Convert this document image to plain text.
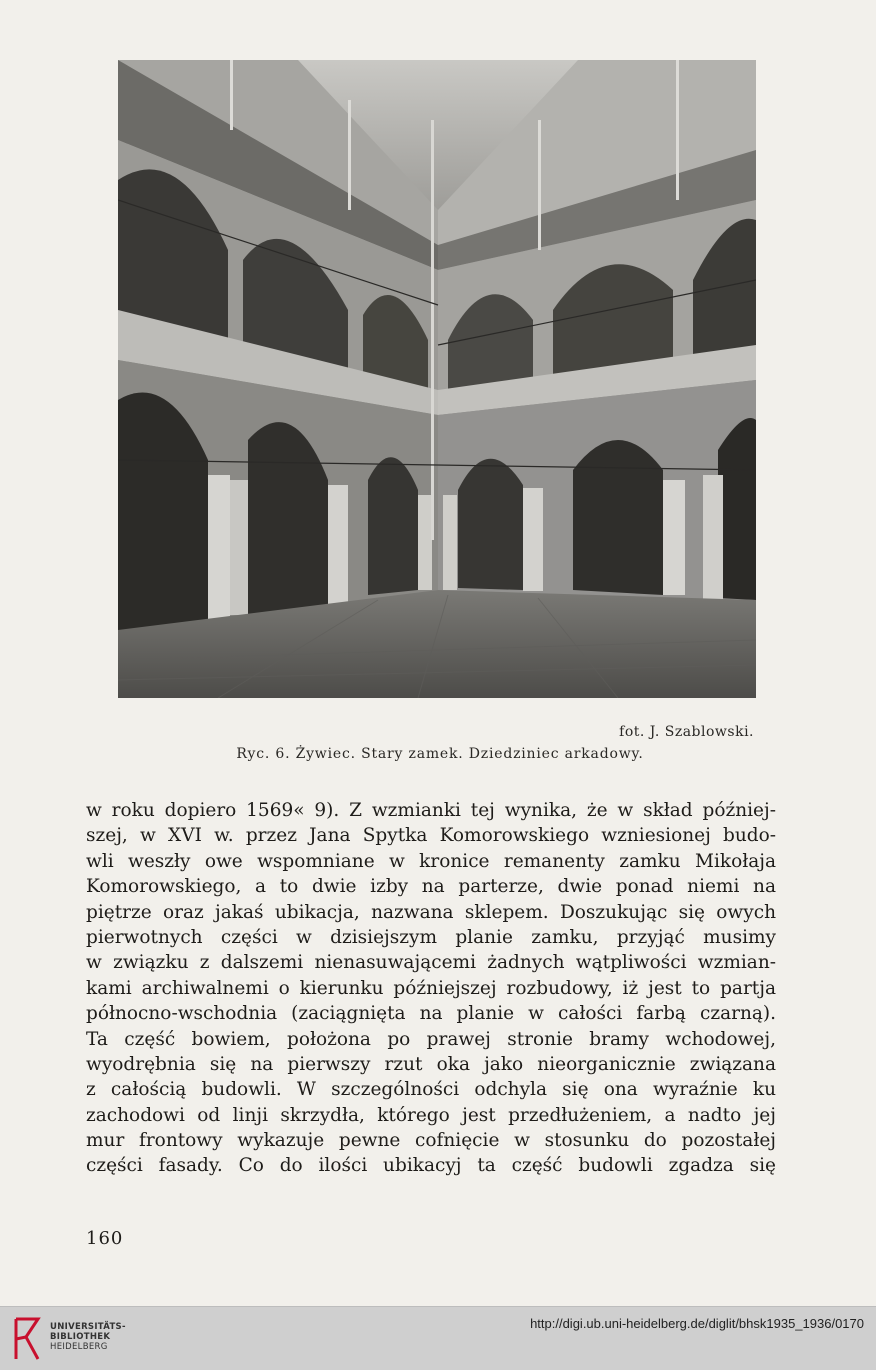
fot. J. Szablowski.
Ryc. 6. Żywiec. Stary zamek. Dziedziniec arkadowy.
w roku dopiero 1569« 9). Z wzmianki tej wynika, że w skład później-
szej, w XVI w. przez Jana Spytka Komorowskiego wzniesionej budo-
wli weszły owe wspomniane w kronice remanenty zamku Mikołaja
Komorowskiego, a to dwie izby na parterze, dwie ponad niemi na
piętrze oraz jakaś ubikacja, nazwana sklepem. Doszukując się owych
pierwotnych części w dzisiejszym planie zamku, przyjąć musimy
w związku z dalszemi nienasuwającemi żadnych wątpliwości wzmian-
kami archiwalnemi o kierunku późniejszej rozbudowy, iż jest to partja
północno-wschodnia (zaciągnięta na planie w całości farbą czarną).
Ta część bowiem, położona po prawej stronie bramy wchodowej,
wyodrębnia się na pierwszy rzut oka jako nieorganicznie związana
z całością budowli. W szczególności odchyla się ona wyraźnie ku
zachodowi od linji skrzydła, którego jest przedłużeniem, a nadto jej
mur frontowy wykazuje pewne cofnięcie w stosunku do pozostałej
części fasady. Co do ilości ubikacyj ta część budowli zgadza się
160
UNIVERSITÄTS-
BIBLIOTHEK
HEIDELBERG
http://digi.ub.uni-heidelberg.de/diglit/bhsk1935_1936/0170
